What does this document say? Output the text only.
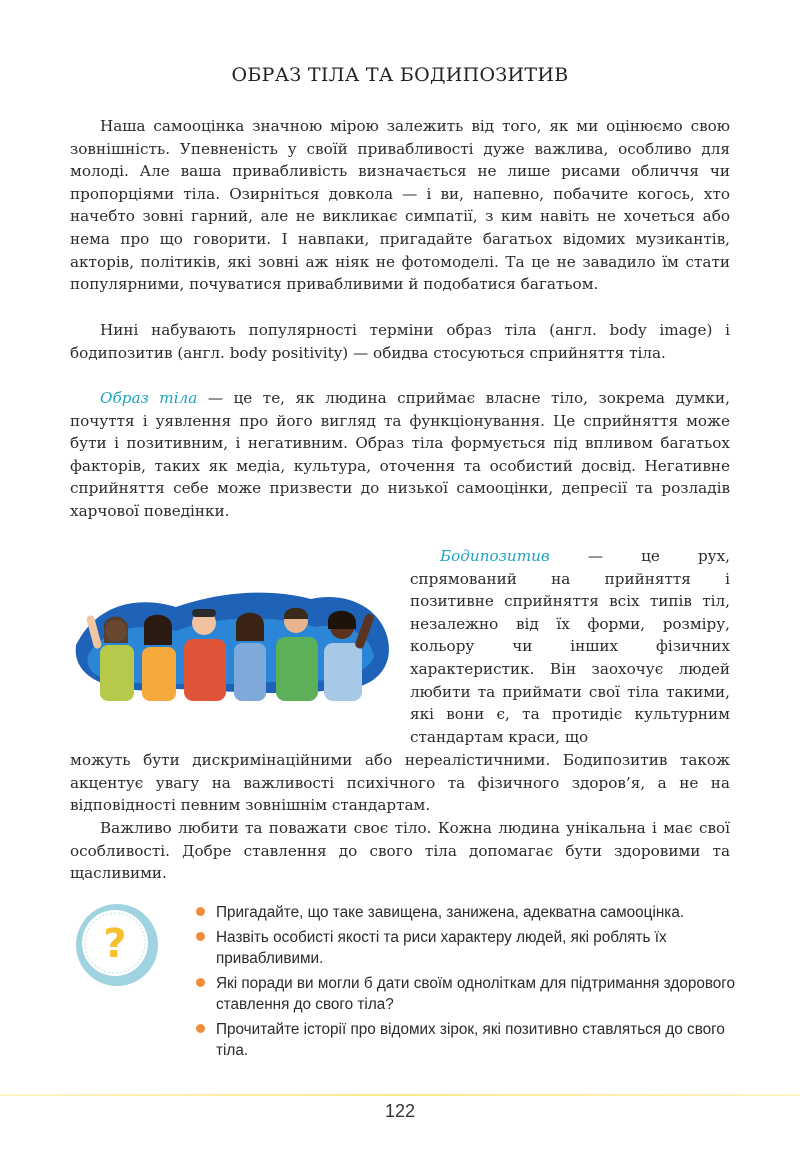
ОБРАЗ ТІЛА ТА БОДИПОЗИТИВ

Наша самооцінка значною мірою залежить від того, як ми оцінюємо свою зовнішність. Упевненість у своїй привабливості дуже важлива, особливо для молоді. Але ваша привабливість визначається не лише рисами обличчя чи пропорціями тіла. Озирніться довкола — і ви, напевно, побачите когось, хто начебто зовні гарний, але не викликає симпатії, з ким навіть не хочеться або нема про що говорити. І навпаки, пригадайте багатьох відомих музикантів, акторів, політиків, які зовні аж ніяк не фотомоделі. Та це не завадило їм стати популярними, почуватися привабливими й подобатися багатьом.

Нині набувають популярності терміни образ тіла (англ. body image) і бодипозитив (англ. body positivity) — обидва стосуються сприйняття тіла.

Образ тіла — це те, як людина сприймає власне тіло, зокрема думки, почуття і уявлення про його вигляд та функціонування. Це сприйняття може бути і позитивним, і негативним. Образ тіла формується під впливом багатьох факторів, таких як медіа, культура, оточення та особистий досвід. Негативне сприйняття себе може призвести до низької самооцінки, депресії та розладів харчової поведінки.

Бодипозитив — це рух, спрямований на прийняття і позитивне сприйняття всіх типів тіл, незалежно від їх форми, розміру, кольору чи інших фізичних характеристик. Він заохочує людей любити та приймати свої тіла такими, які вони є, та протидіє культурним стандартам краси, що

можуть бути дискримінаційними або нереалістичними. Бодипозитив також акцентує увагу на важливості психічного та фізичного здоров’я, а не на відповідності певним зовнішнім стандартам.

Важливо любити та поважати своє тіло. Кожна людина унікальна і має свої особливості. Добре ставлення до свого тіла допомагає бути здоровими та щасливими.

?
Пригадайте, що таке завищена, занижена, адекватна самооцінка.
Назвіть особисті якості та риси характеру людей, які роблять їх привабливими.
Які поради ви могли б дати своїм одноліткам для підтримання здорового ставлення до свого тіла?
Прочитайте історії про відомих зірок, які позитивно ставляться до свого тіла.
122
